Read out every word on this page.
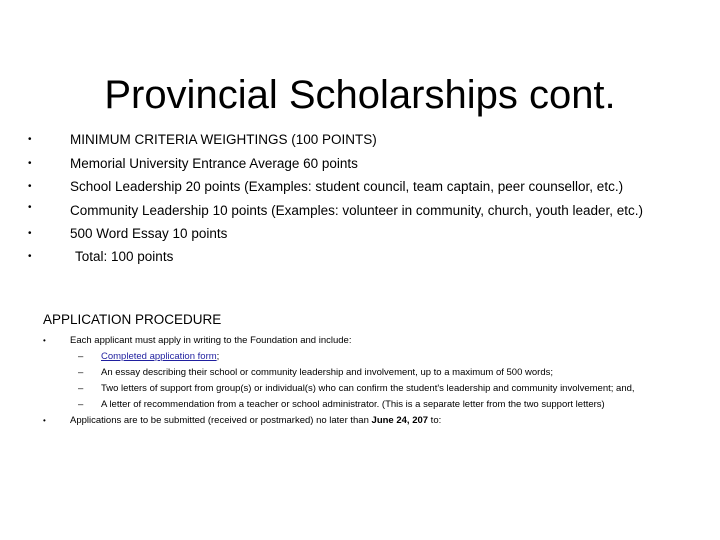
Provincial Scholarships cont.
•	MINIMUM CRITERIA WEIGHTINGS (100 POINTS)
•	Memorial University Entrance Average 60 points
•	School Leadership 20 points (Examples: student council, team captain, peer counsellor, etc.)
•	Community Leadership 10 points (Examples: volunteer in community, church, youth leader, etc.)
•	500 Word Essay 10 points
•	Total: 100 points
APPLICATION PROCEDURE
•	Each applicant must apply in writing to the Foundation and include:
– Completed application form;
– An essay describing their school or community leadership and involvement, up to a maximum of 500 words;
– Two letters of support from group(s) or individual(s) who can confirm the student's leadership and community involvement; and,
– A letter of recommendation from a teacher or school administrator. (This is a separate letter from the two support letters)
•	Applications are to be submitted (received or postmarked) no later than June 24, 207 to:
